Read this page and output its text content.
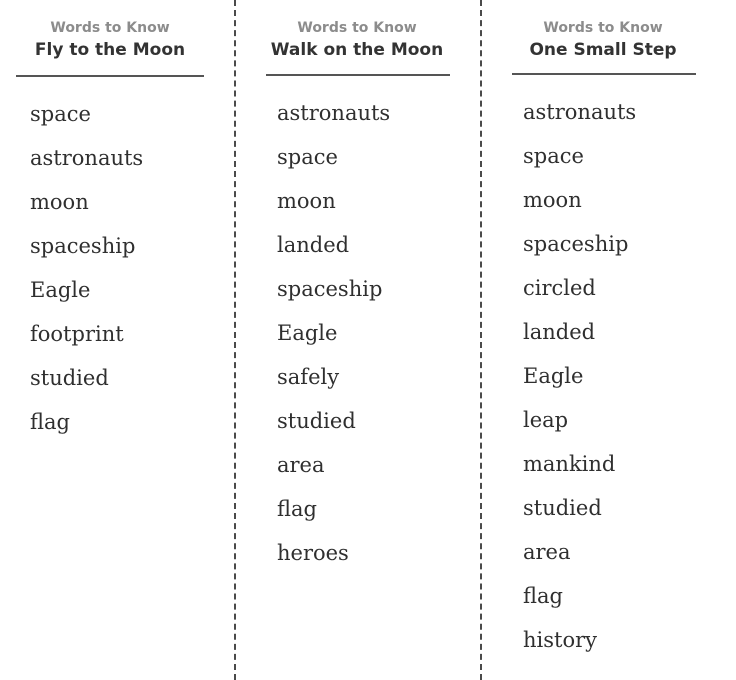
Words to Know
Fly to the Moon
space
astronauts
moon
spaceship
Eagle
footprint
studied
flag
Words to Know
Walk on the Moon
astronauts
space
moon
landed
spaceship
Eagle
safely
studied
area
flag
heroes
Words to Know
One Small Step
astronauts
space
moon
spaceship
circled
landed
Eagle
leap
mankind
studied
area
flag
history
